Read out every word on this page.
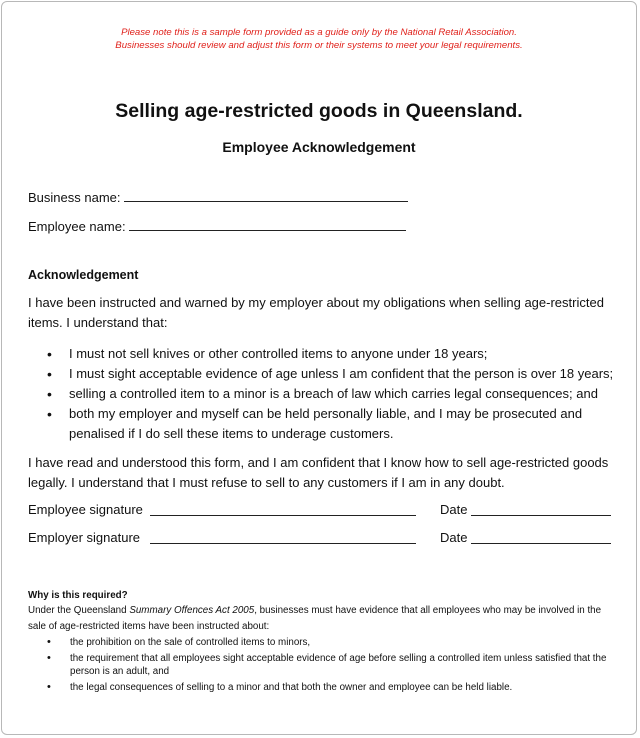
Please note this is a sample form provided as a guide only by the National Retail Association.
Businesses should review and adjust this form or their systems to meet your legal requirements.
Selling age-restricted goods in Queensland.
Employee Acknowledgement
Business name:
Employee name:
Acknowledgement
I have been instructed and warned by my employer about my obligations when selling age-restricted items. I understand that:
• I must not sell knives or other controlled items to anyone under 18 years;
• I must sight acceptable evidence of age unless I am confident that the person is over 18 years;
• selling a controlled item to a minor is a breach of law which carries legal consequences; and
• both my employer and myself can be held personally liable, and I may be prosecuted and penalised if I do sell these items to underage customers.
I have read and understood this form, and I am confident that I know how to sell age-restricted goods legally. I understand that I must refuse to sell to any customers if I am in any doubt.
Employee signature	Date
Employer signature	Date
Why is this required?
Under the Queensland Summary Offences Act 2005, businesses must have evidence that all employees who may be involved in the sale of age-restricted items have been instructed about:
• the prohibition on the sale of controlled items to minors,
• the requirement that all employees sight acceptable evidence of age before selling a controlled item unless satisfied that the person is an adult, and
• the legal consequences of selling to a minor and that both the owner and employee can be held liable.
